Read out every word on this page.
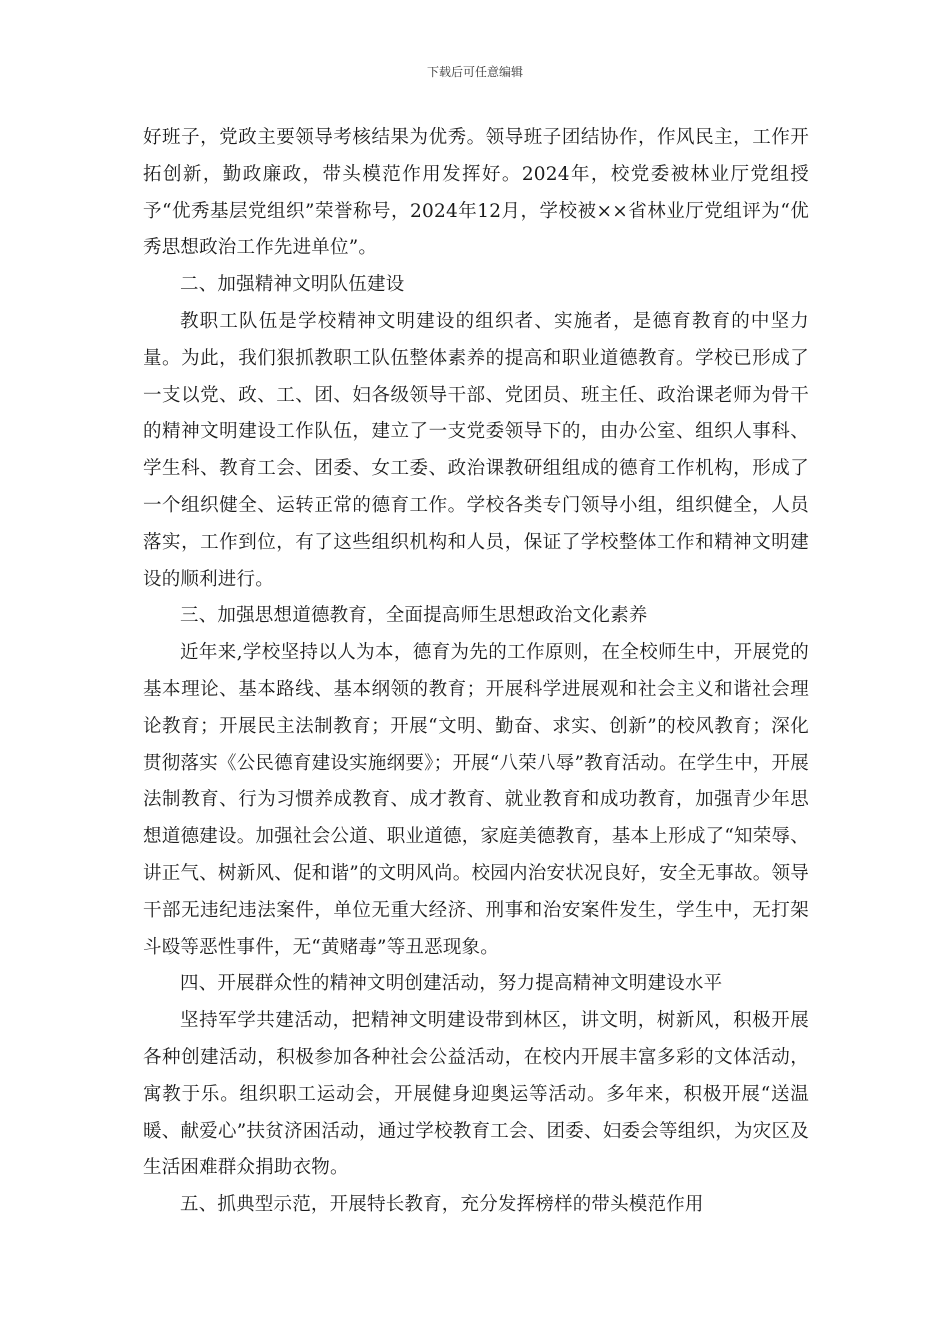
下载后可任意编辑

好班子，党政主要领导考核结果为优秀。领导班子团结协作，作风民主，工作开拓创新，勤政廉政，带头模范作用发挥好。2024年，校党委被林业厅党组授予“优秀基层党组织”荣誉称号，2024年12月，学校被××省林业厅党组评为“优秀思想政治工作先进单位”。

二、加强精神文明队伍建设

教职工队伍是学校精神文明建设的组织者、实施者，是德育教育的中坚力量。为此，我们狠抓教职工队伍整体素养的提高和职业道德教育。学校已形成了一支以党、政、工、团、妇各级领导干部、党团员、班主任、政治课老师为骨干的精神文明建设工作队伍，建立了一支党委领导下的，由办公室、组织人事科、学生科、教育工会、团委、女工委、政治课教研组组成的德育工作机构，形成了一个组织健全、运转正常的德育工作。学校各类专门领导小组，组织健全，人员落实，工作到位，有了这些组织机构和人员，保证了学校整体工作和精神文明建设的顺利进行。

三、加强思想道德教育，全面提高师生思想政治文化素养

近年来,学校坚持以人为本，德育为先的工作原则，在全校师生中，开展党的基本理论、基本路线、基本纲领的教育；开展科学进展观和社会主义和谐社会理论教育；开展民主法制教育；开展“文明、勤奋、求实、创新”的校风教育；深化贯彻落实《公民德育建设实施纲要》；开展“八荣八辱”教育活动。在学生中，开展法制教育、行为习惯养成教育、成才教育、就业教育和成功教育，加强青少年思想道德建设。加强社会公道、职业道德，家庭美德教育，基本上形成了“知荣辱、讲正气、树新风、促和谐”的文明风尚。校园内治安状况良好，安全无事故。领导干部无违纪违法案件，单位无重大经济、刑事和治安案件发生，学生中，无打架斗殴等恶性事件，无“黄赌毒”等丑恶现象。

四、开展群众性的精神文明创建活动，努力提高精神文明建设水平

坚持军学共建活动，把精神文明建设带到林区，讲文明，树新风，积极开展各种创建活动，积极参加各种社会公益活动，在校内开展丰富多彩的文体活动，寓教于乐。组织职工运动会，开展健身迎奥运等活动。多年来，积极开展“送温暖、献爱心”扶贫济困活动，通过学校教育工会、团委、妇委会等组织，为灾区及生活困难群众捐助衣物。

五、抓典型示范，开展特长教育，充分发挥榜样的带头模范作用
